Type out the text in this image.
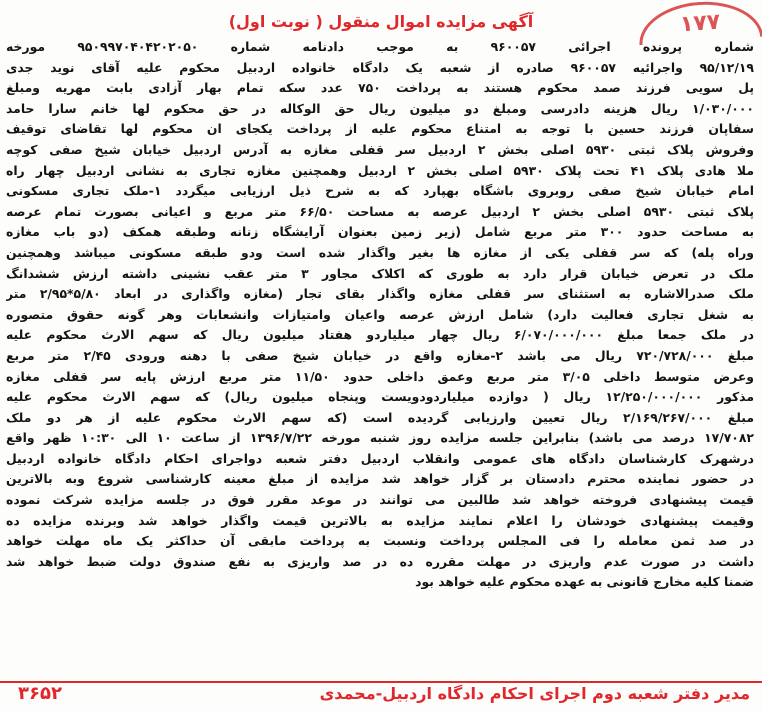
١٧٧
آگهی مزایده اموال منقول ( نوبت اول)
شماره پرونده اجرائی ۹۶۰۰۵۷ به موجب دادنامه شماره ۹۵۰۹۹۷۰۴۰۴۲۰۲۰۵۰ مورخه
۹۵/۱۲/۱۹ واجرائیه ۹۶۰۰۵۷ صادره از شعبه یک دادگاه خانواده اردبیل محکوم علیه آقای نوید جدی
پل سویی فرزند صمد محکوم هستند به پرداخت ۷۵۰ عدد سکه تمام بهار آزادی بابت مهریه ومبلغ
۱/۰۳۰/۰۰۰ ریال هزینه دادرسی ومبلغ دو میلیون ریال حق الوکاله در حق محکوم لها خانم سارا حامد
سفاپان فرزند حسین با توجه به امتناع محکوم علیه از پرداخت یکجای ان محکوم لها تقاضای توقیف
وفروش پلاک ثبتی ۵۹۳۰ اصلی بخش ۲ اردبیل سر قفلی مغازه به آدرس اردبیل خیابان شیخ صفی کوچه
ملا هادی پلاک ۴۱ تحت پلاک ۵۹۳۰ اصلی بخش ۲ اردبیل وهمچنین مغازه تجاری به نشانی اردبیل چهار راه
امام خیابان شیخ صفی روبروی باشگاه بهپارد که به شرح ذیل ارزیابی میگردد ۱-ملک تجاری مسکونی
پلاک ثبتی ۵۹۳۰ اصلی بخش ۲ اردبیل عرصه به مساحت ۶۶/۵۰ متر مربع و اعیانی بصورت تمام عرصه
به مساحت حدود ۳۰۰ متر مربع شامل (زیر زمین بعنوان آرایشگاه زنانه وطبقه همکف (دو باب مغازه
وراه پله) که سر قفلی یکی از مغازه ها بغیر واگذار شده است ودو طبقه مسکونی میباشد وهمچنین
ملک در تعرض خیابان قرار دارد به طوری که اکلاک مجاور ۳ متر عقب نشینی داشته ارزش ششدانگ
ملک صدرالاشاره به استثنای سر قفلی مغازه واگذار بقای تجار (مغازه واگذاری در ابعاد ۵/۸۰*۲/۹۵ متر
به شغل تجاری فعالیت دارد) شامل ارزش عرصه واعیان وامتیازات وانشعابات وهر گونه حقوق متصوره
در ملک جمعا مبلغ ۶/۰۷۰/۰۰۰/۰۰۰ ریال چهار میلیاردو هفتاد میلیون ریال که سهم الارث محکوم علیه
مبلغ ۷۲۰/۷۲۸/۰۰۰ ریال می باشد ۲-مغازه واقع در خیابان شیخ صفی با دهنه ورودی ۲/۴۵ متر مربع
وعرض متوسط داخلی ۳/۰۵ متر مربع وعمق داخلی حدود ۱۱/۵۰ متر مربع ارزش پایه سر قفلی مغازه
مذکور ۱۲/۲۵۰/۰۰۰/۰۰۰ ریال ( دوازده میلیاردودویست وپنجاه میلیون ریال) که سهم الارث محکوم علیه
مبلغ ۲/۱۶۹/۲۶۷/۰۰۰ ریال تعیین وارزیابی گردیده است (که سهم الارث محکوم علیه از هر دو ملک
۱۷/۷۰۸۲ درصد می باشد) بنابراین جلسه مزایده روز شنبه مورخه ۱۳۹۶/۷/۲۲ از ساعت ۱۰ الی ۱۰:۳۰ ظهر واقع
درشهرک کارشناسان دادگاه های عمومی وانقلاب اردبیل دفتر شعبه دواجرای احکام دادگاه خانواده اردبیل
در حضور نماینده محترم دادستان بر گزار خواهد شد مزایده از مبلغ معینه کارشناسی شروع وبه بالاترین
قیمت پیشنهادی فروخته خواهد شد طالبین می توانند در موعد مقرر فوق در جلسه مزایده شرکت نموده
وقیمت پیشنهادی خودشان را اعلام نمایند مزایده به بالاترین قیمت واگذار خواهد شد وبرنده مزایده ده
در صد ثمن معامله را فی المجلس پرداخت ونسبت به پرداخت مابقی آن حداکثر یک ماه مهلت خواهد
داشت در صورت عدم واریزی در مهلت مقرره ده در صد واریزی به نفع صندوق دولت ضبط خواهد شد
ضمنا کلیه مخارج قانونی به عهده محکوم علیه خواهد بود
مدیر دفتر شعبه دوم اجرای احکام دادگاه اردبیل-محمدی
۳۶۵۲
